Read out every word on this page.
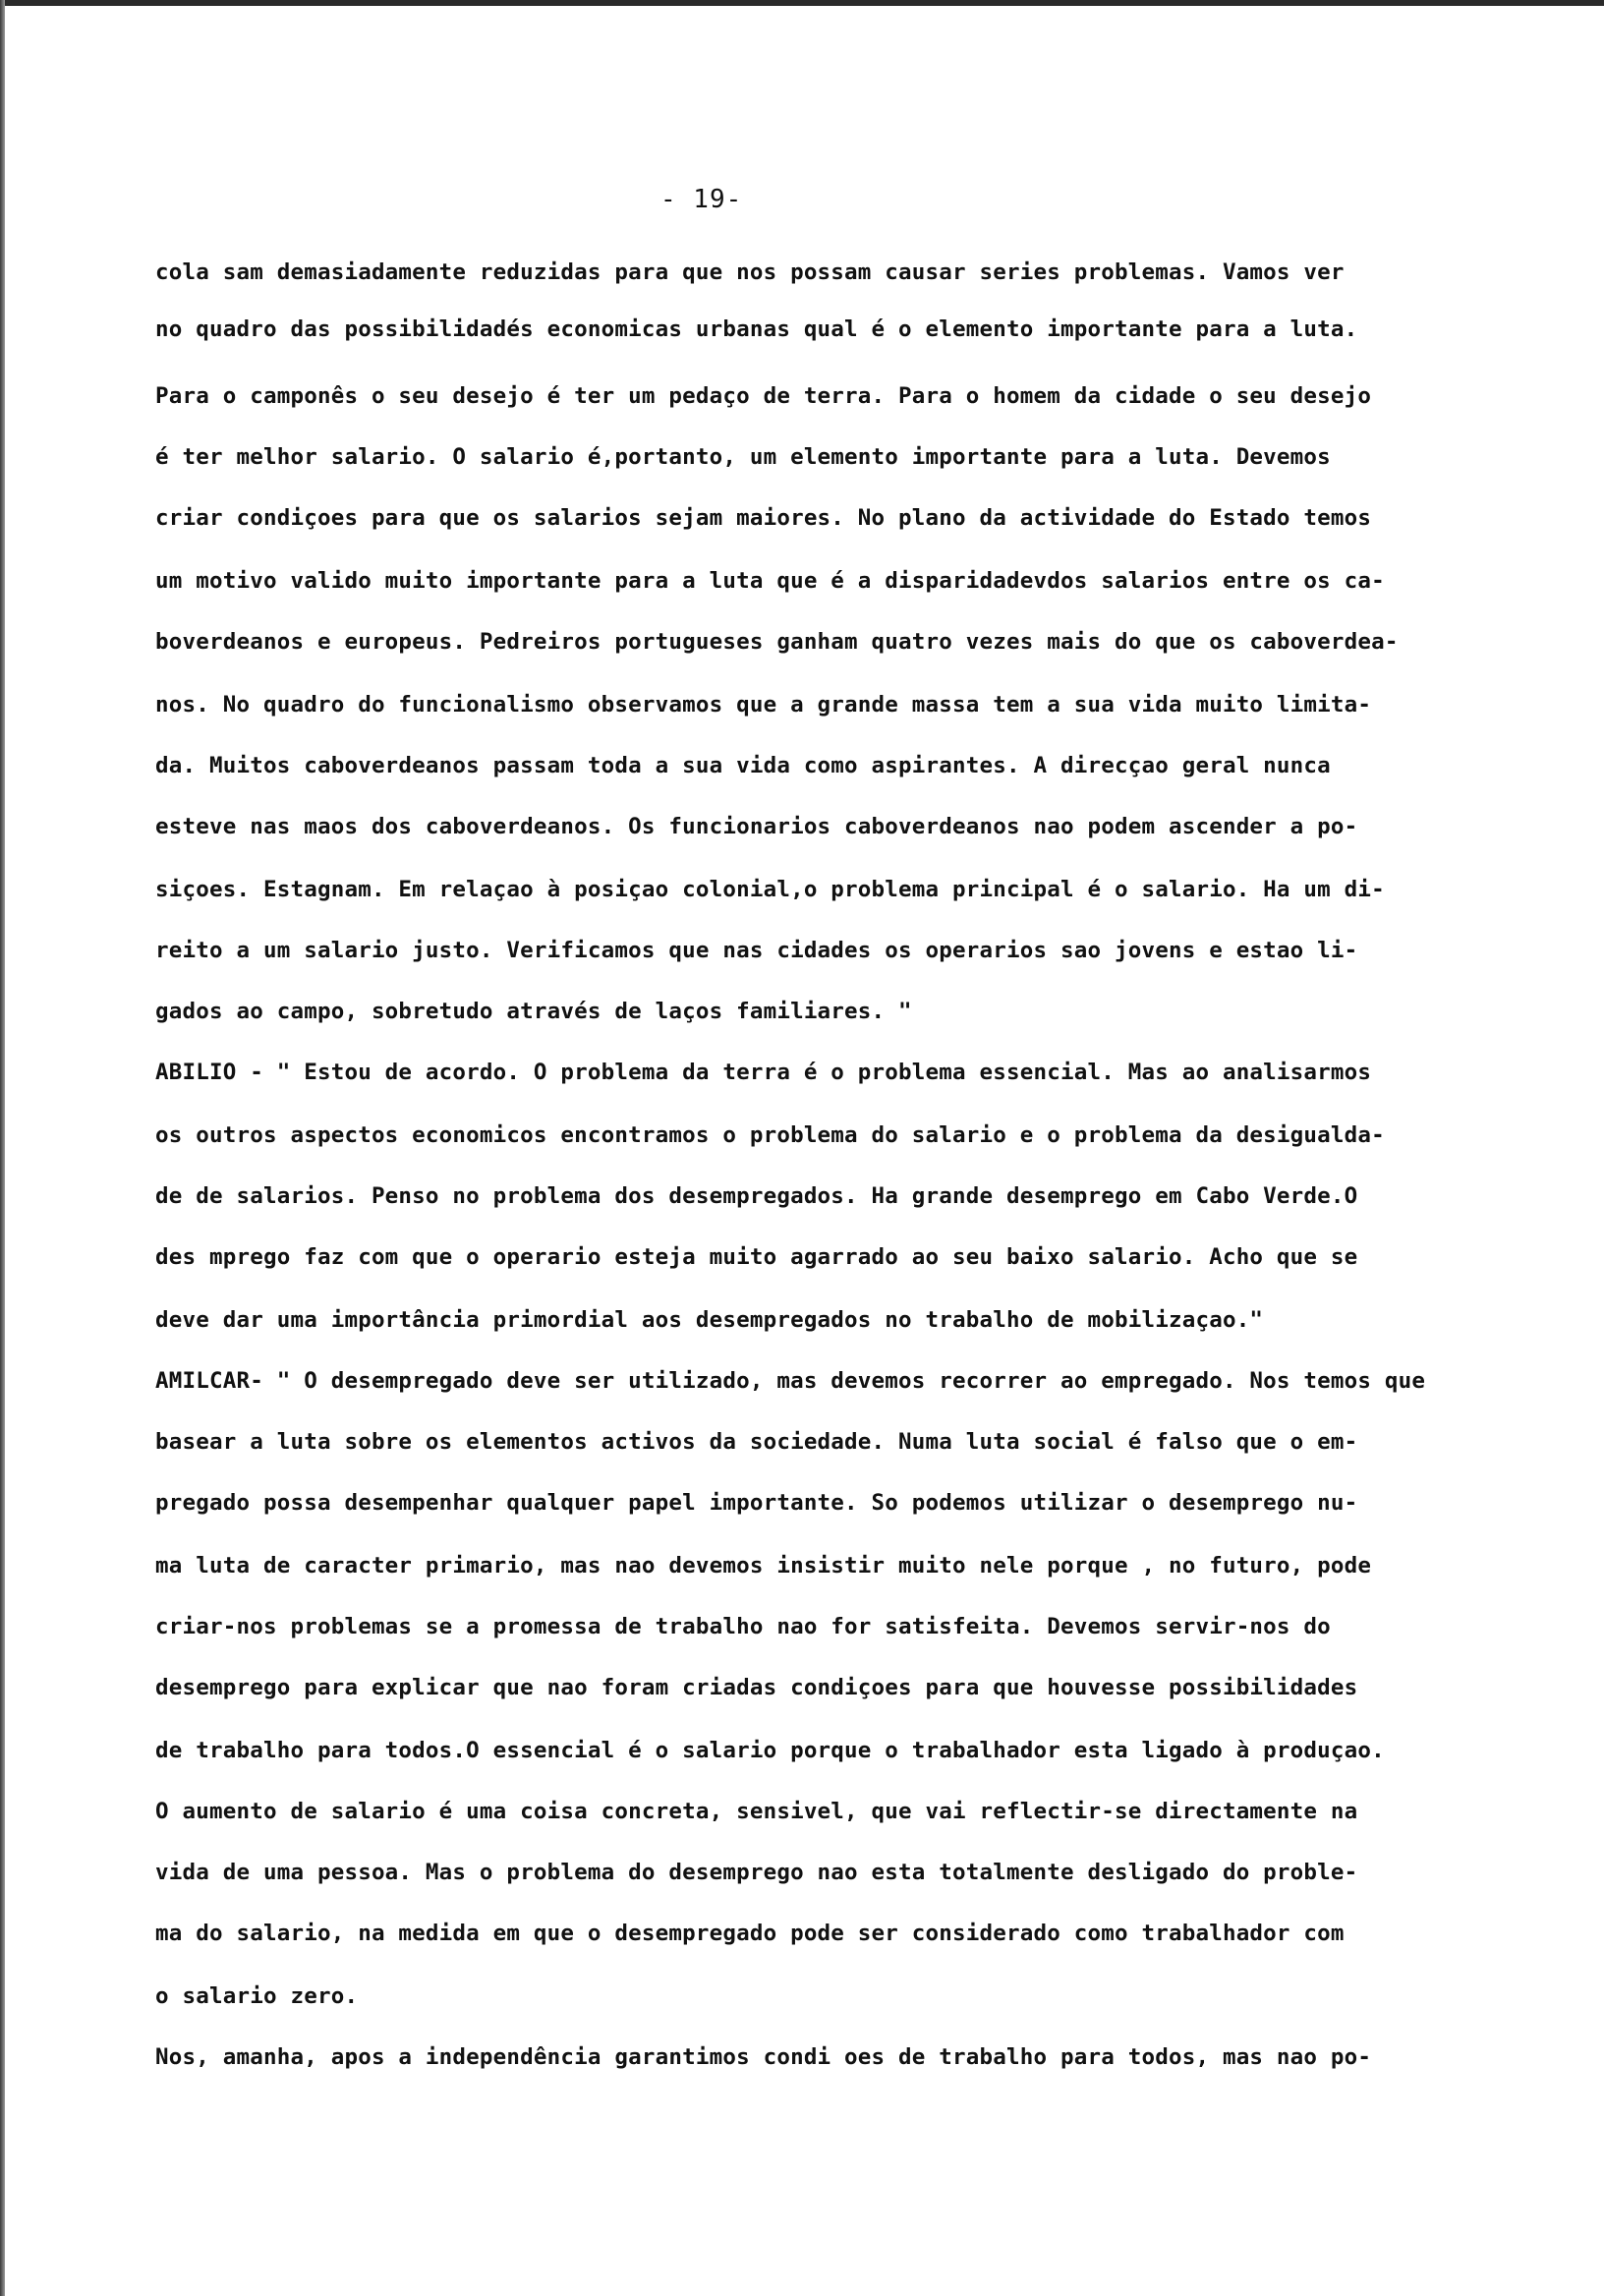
- 19-
cola sam demasiadamente reduzidas para que nos possam causar series problemas. Vamos ver
no quadro das possibilidadés economicas urbanas qual é o elemento importante para a luta.
Para o camponês o seu desejo é ter um pedaço de terra. Para o homem da cidade o seu desejo
é ter melhor salario. O salario é,portanto, um elemento importante para a luta. Devemos
criar condiçoes para que os salarios sejam maiores. No plano da actividade do Estado temos
um motivo valido muito importante para a luta que é a disparidadevdos salarios entre os ca-
boverdeanos e europeus. Pedreiros portugueses ganham quatro vezes mais do que os caboverdea-
nos. No quadro do funcionalismo observamos que a grande massa tem a sua vida muito limita-
da. Muitos caboverdeanos passam toda a sua vida como aspirantes. A direcçao geral nunca
esteve nas maos dos caboverdeanos. Os funcionarios caboverdeanos nao podem ascender a po-
siçoes. Estagnam. Em relaçao à posiçao colonial,o problema principal é o salario. Ha um di-
reito a um salario justo. Verificamos que nas cidades os operarios sao jovens e estao li-
gados ao campo, sobretudo através de laços familiares. "
ABILIO - " Estou de acordo. O problema da terra é o problema essencial. Mas ao analisarmos
os outros aspectos economicos encontramos o problema do salario e o problema da desigualda-
de de salarios. Penso no problema dos desempregados. Ha grande desemprego em Cabo Verde.O
des mprego faz com que o operario esteja muito agarrado ao seu baixo salario. Acho que se
deve dar uma importância primordial aos desempregados no trabalho de mobilizaçao."
AMILCAR- " O desempregado deve ser utilizado, mas devemos recorrer ao empregado. Nos temos que
basear a luta sobre os elementos activos da sociedade. Numa luta social é falso que o em-
pregado possa desempenhar qualquer papel importante. So podemos utilizar o desemprego nu-
ma luta de caracter primario, mas nao devemos insistir muito nele porque , no futuro, pode
criar-nos problemas se a promessa de trabalho nao for satisfeita. Devemos servir-nos do
desemprego para explicar que nao foram criadas condiçoes para que houvesse possibilidades
de trabalho para todos.O essencial é o salario porque o trabalhador esta ligado à produçao.
O aumento de salario é uma coisa concreta, sensivel, que vai reflectir-se directamente na
vida de uma pessoa. Mas o problema do desemprego nao esta totalmente desligado do proble-
ma do salario, na medida em que o desempregado pode ser considerado como trabalhador com
o salario zero.
Nos, amanha, apos a independência garantimos condi oes de trabalho para todos, mas nao po-
